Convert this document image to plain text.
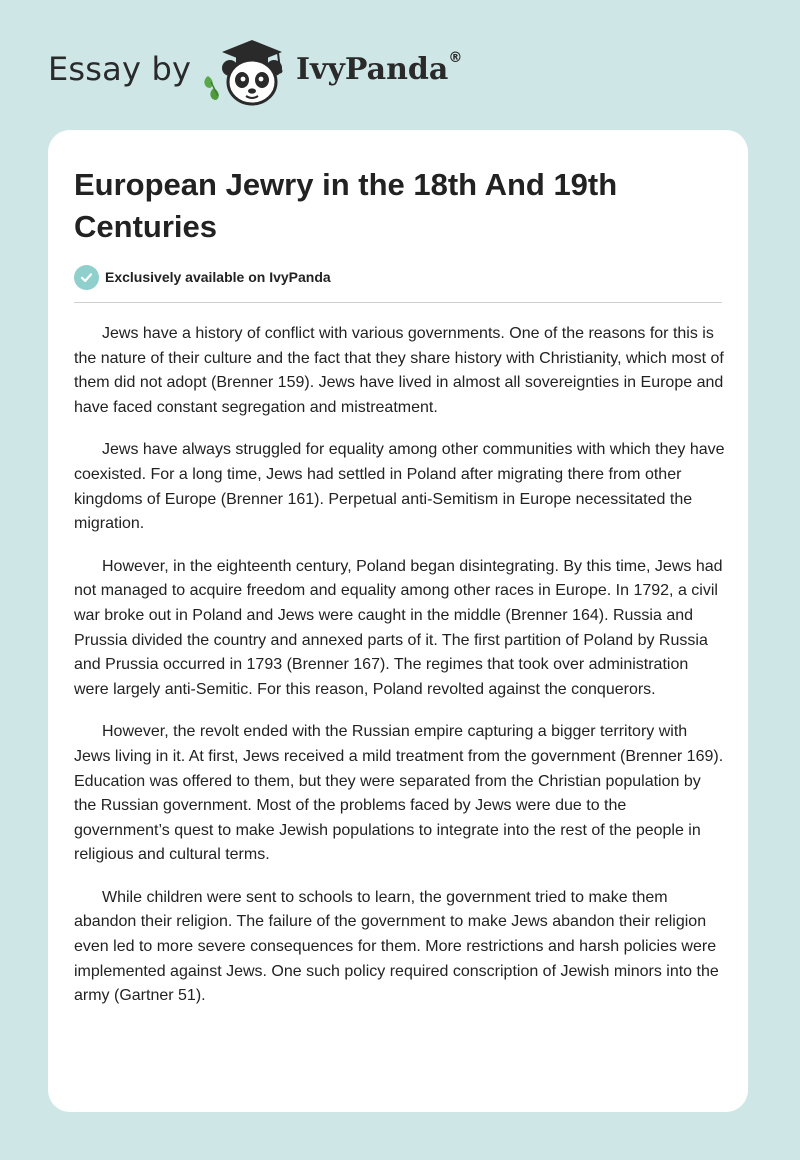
Essay by	IvyPanda®
European Jewry in the 18th And 19th Centuries
Exclusively available on IvyPanda

Jews have a history of conflict with various governments. One of the reasons for this is the nature of their culture and the fact that they share history with Christianity, which most of them did not adopt (Brenner 159). Jews have lived in almost all sovereignties in Europe and have faced constant segregation and mistreatment.

Jews have always struggled for equality among other communities with which they have coexisted. For a long time, Jews had settled in Poland after migrating there from other kingdoms of Europe (Brenner 161). Perpetual anti-Semitism in Europe necessitated the migration.

However, in the eighteenth century, Poland began disintegrating. By this time, Jews had not managed to acquire freedom and equality among other races in Europe. In 1792, a civil war broke out in Poland and Jews were caught in the middle (Brenner 164). Russia and Prussia divided the country and annexed parts of it. The first partition of Poland by Russia and Prussia occurred in 1793 (Brenner 167). The regimes that took over administration were largely anti-Semitic. For this reason, Poland revolted against the conquerors.

However, the revolt ended with the Russian empire capturing a bigger territory with Jews living in it. At first, Jews received a mild treatment from the government (Brenner 169). Education was offered to them, but they were separated from the Christian population by the Russian government. Most of the problems faced by Jews were due to the government’s quest to make Jewish populations to integrate into the rest of the people in religious and cultural terms.

While children were sent to schools to learn, the government tried to make them abandon their religion. The failure of the government to make Jews abandon their religion even led to more severe consequences for them. More restrictions and harsh policies were implemented against Jews. One such policy required conscription of Jewish minors into the army (Gartner 51).
